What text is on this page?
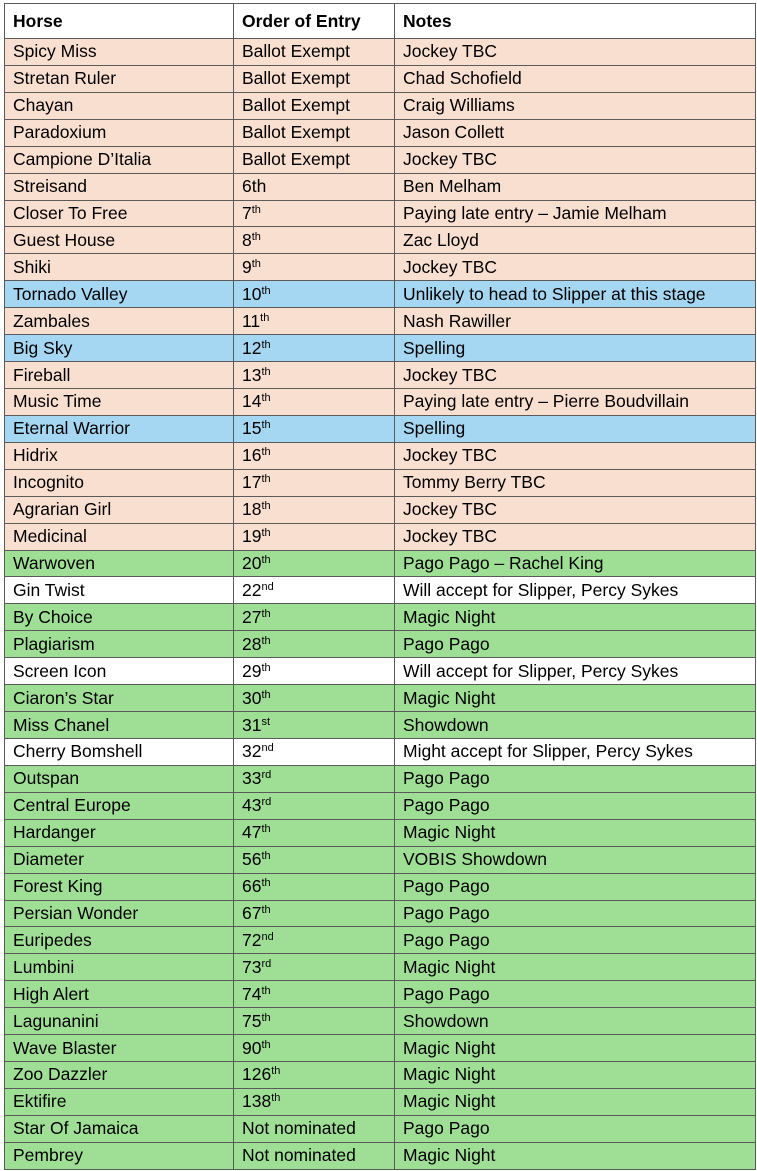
Horse	Order of Entry	Notes
Spicy Miss	Ballot Exempt	Jockey TBC
Stretan Ruler	Ballot Exempt	Chad Schofield
Chayan	Ballot Exempt	Craig Williams
Paradoxium	Ballot Exempt	Jason Collett
Campione D’Italia	Ballot Exempt	Jockey TBC
Streisand	6th	Ben Melham
Closer To Free	7th	Paying late entry – Jamie Melham
Guest House	8th	Zac Lloyd
Shiki	9th	Jockey TBC
Tornado Valley	10th	Unlikely to head to Slipper at this stage
Zambales	11th	Nash Rawiller
Big Sky	12th	Spelling
Fireball	13th	Jockey TBC
Music Time	14th	Paying late entry – Pierre Boudvillain
Eternal Warrior	15th	Spelling
Hidrix	16th	Jockey TBC
Incognito	17th	Tommy Berry TBC
Agrarian Girl	18th	Jockey TBC
Medicinal	19th	Jockey TBC
Warwoven	20th	Pago Pago – Rachel King
Gin Twist	22nd	Will accept for Slipper, Percy Sykes
By Choice	27th	Magic Night
Plagiarism	28th	Pago Pago
Screen Icon	29th	Will accept for Slipper, Percy Sykes
Ciaron’s Star	30th	Magic Night
Miss Chanel	31st	Showdown
Cherry Bomshell	32nd	Might accept for Slipper, Percy Sykes
Outspan	33rd	Pago Pago
Central Europe	43rd	Pago Pago
Hardanger	47th	Magic Night
Diameter	56th	VOBIS Showdown
Forest King	66th	Pago Pago
Persian Wonder	67th	Pago Pago
Euripedes	72nd	Pago Pago
Lumbini	73rd	Magic Night
High Alert	74th	Pago Pago
Lagunanini	75th	Showdown
Wave Blaster	90th	Magic Night
Zoo Dazzler	126th	Magic Night
Ektifire	138th	Magic Night
Star Of Jamaica	Not nominated	Pago Pago
Pembrey	Not nominated	Magic Night
